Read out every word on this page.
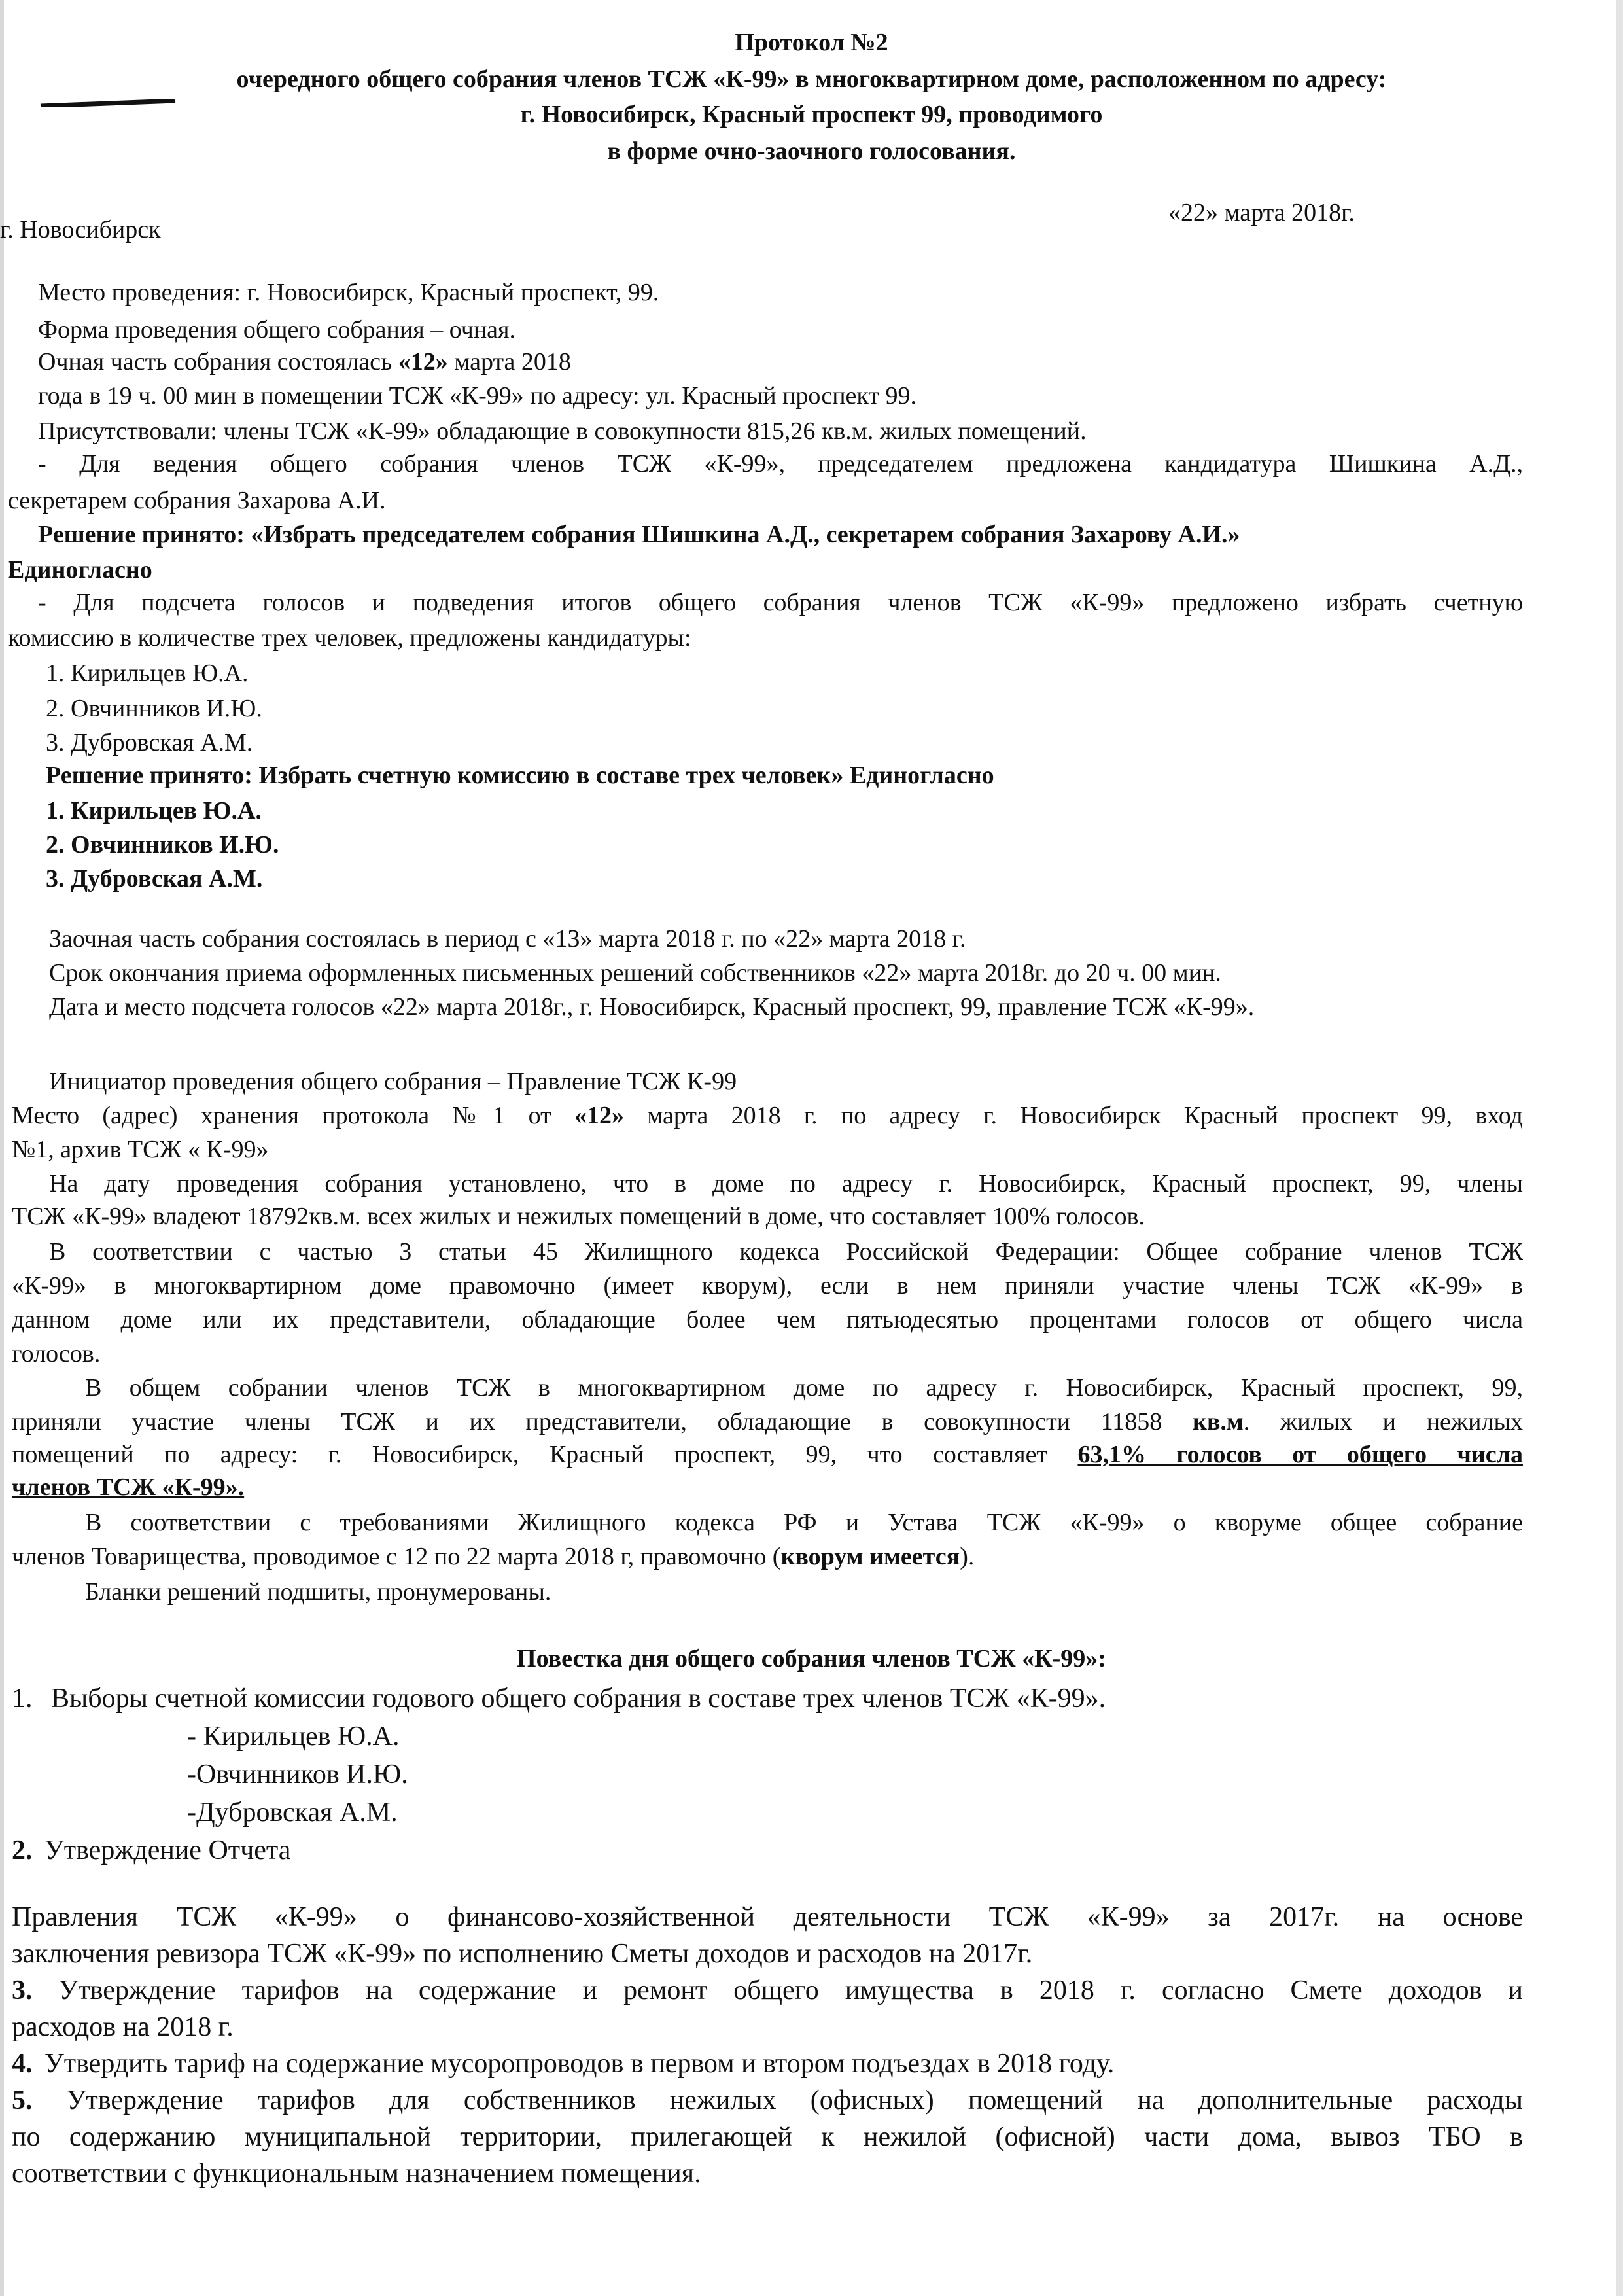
Протокол №2
очередного общего собрания членов ТСЖ «К-99» в многоквартирном доме, расположенном по адресу:
г. Новосибирск, Красный проспект 99, проводимого
в форме очно-заочного голосования.
г. Новосибирск
«22» марта 2018г.
Место проведения: г. Новосибирск, Красный проспект, 99.
Форма проведения общего собрания – очная.
Очная часть собрания состоялась «12» марта 2018
года в 19 ч. 00 мин в помещении ТСЖ «К-99» по адресу: ул. Красный проспект 99.
Присутствовали: члены ТСЖ «К-99» обладающие в совокупности 815,26 кв.м. жилых помещений.
- Для ведения общего собрания членов ТСЖ «К-99», председателем предложена кандидатура Шишкина А.Д.,
секретарем собрания Захарова А.И.
Решение принято: «Избрать председателем собрания Шишкина А.Д., секретарем собрания Захарову А.И.»
Единогласно
- Для подсчета голосов и подведения итогов общего собрания членов ТСЖ «К-99» предложено избрать счетную
комиссию в количестве трех человек, предложены кандидатуры:
1. Кирильцев Ю.А.
2. Овчинников И.Ю.
3. Дубровская А.М.
Решение принято: Избрать счетную комиссию в составе трех человек» Единогласно
1. Кирильцев Ю.А.
2. Овчинников И.Ю.
3. Дубровская А.М.
Заочная часть собрания состоялась в период с «13» марта 2018 г. по «22» марта 2018 г.
Срок окончания приема оформленных письменных решений собственников «22» марта 2018г. до 20 ч. 00 мин.
Дата и место подсчета голосов «22» марта 2018г., г. Новосибирск, Красный проспект, 99, правление ТСЖ «К-99».
Инициатор проведения общего собрания – Правление ТСЖ К-99
Место (адрес) хранения протокола №1 от «12» марта 2018 г. по адресу г. Новосибирск Красный проспект 99, вход
№1, архив ТСЖ « К-99»
На дату проведения собрания установлено, что в доме по адресу г. Новосибирск, Красный проспект, 99, члены
ТСЖ «К-99» владеют 18792кв.м. всех жилых и нежилых помещений в доме, что составляет 100% голосов.
В соответствии с частью 3 статьи 45 Жилищного кодекса Российской Федерации: Общее собрание членов ТСЖ
«К-99» в многоквартирном доме правомочно (имеет кворум), если в нем приняли участие члены ТСЖ «К-99» в
данном доме или их представители, обладающие более чем пятьюдесятью процентами голосов от общего числа
голосов.
В общем собрании членов ТСЖ в многоквартирном доме по адресу г. Новосибирск, Красный проспект, 99,
приняли участие члены ТСЖ и их представители, обладающие в совокупности 11858 кв.м. жилых и нежилых
помещений по адресу: г. Новосибирск, Красный проспект, 99, что составляет 63,1% голосов от общего числа
членов ТСЖ «К-99».
В соответствии с требованиями Жилищного кодекса РФ и Устава ТСЖ «К-99» о кворуме общее собрание
членов Товарищества, проводимое с 12 по 22 марта 2018 г, правомочно (кворум имеется).
Бланки решений подшиты, пронумерованы.
Повестка дня общего собрания членов ТСЖ «К-99»:
1. Выборы счетной комиссии годового общего собрания в составе трех членов ТСЖ «К-99».
- Кирильцев Ю.А.
-Овчинников И.Ю.
-Дубровская А.М.
2. Утверждение Отчета
Правления ТСЖ «К-99» о финансово-хозяйственной деятельности ТСЖ «К-99» за 2017г. на основе
заключения ревизора ТСЖ «К-99» по исполнению Сметы доходов и расходов на 2017г.
3. Утверждение тарифов на содержание и ремонт общего имущества в 2018 г. согласно Смете доходов и
расходов на 2018 г.
4. Утвердить тариф на содержание мусоропроводов в первом и втором подъездах в 2018 году.
5. Утверждение тарифов для собственников нежилых (офисных) помещений на дополнительные расходы
по содержанию муниципальной территории, прилегающей к нежилой (офисной) части дома, вывоз ТБО в
соответствии с функциональным назначением помещения.
